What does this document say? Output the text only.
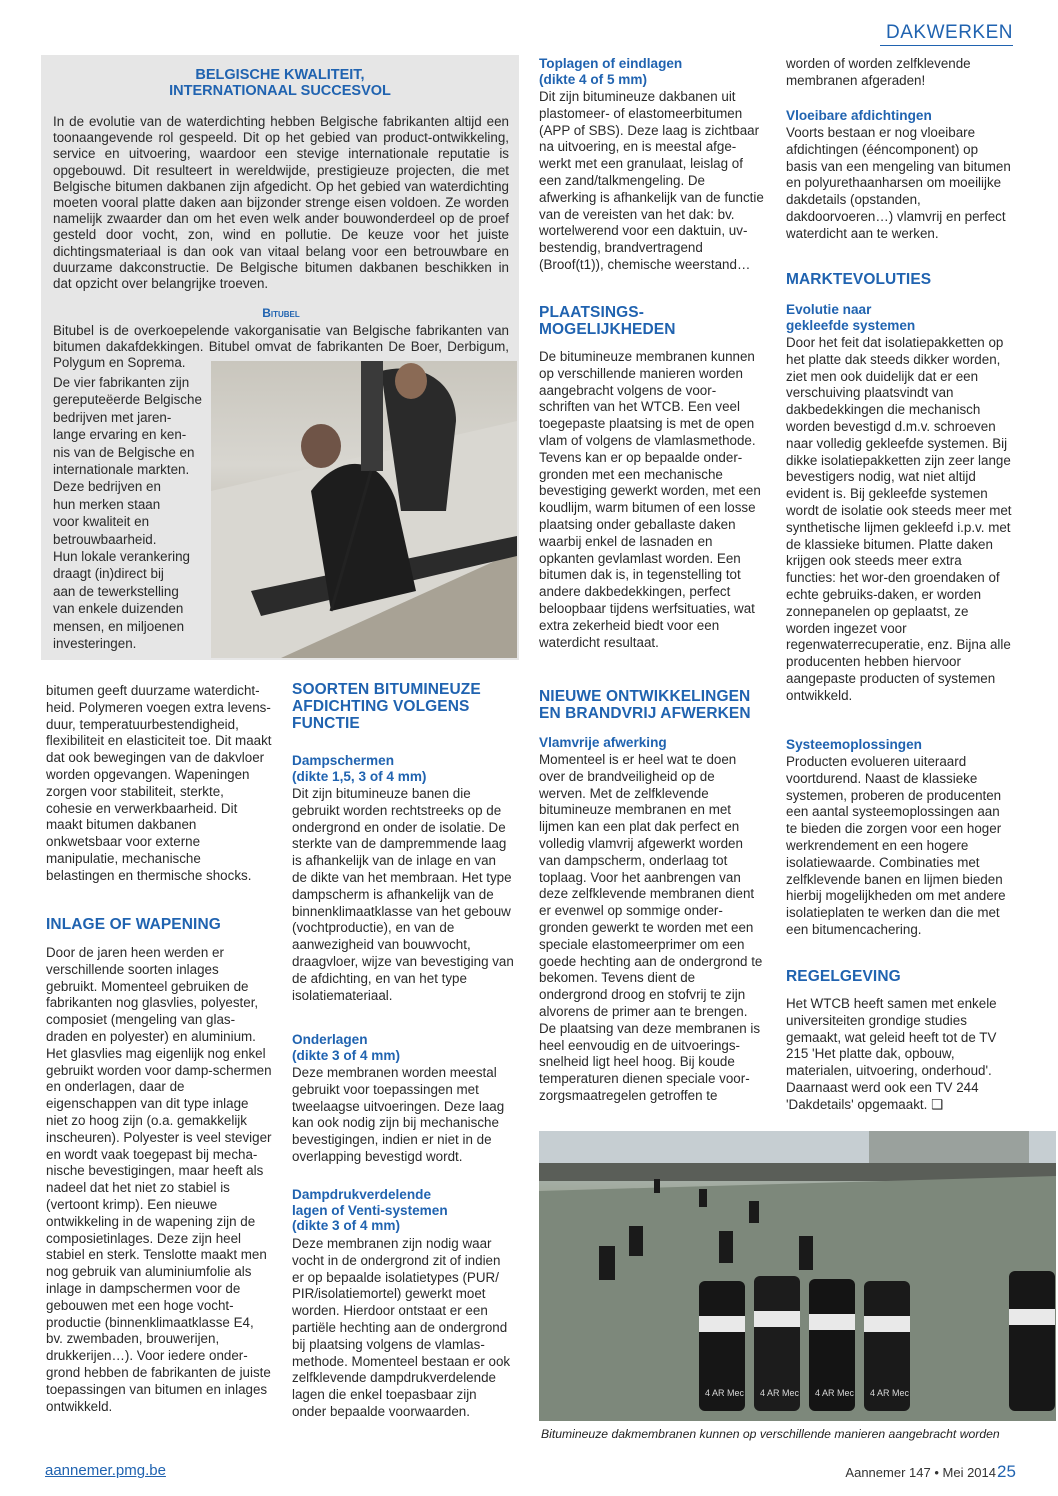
DAKWERKEN
BELGISCHE KWALITEIT,
INTERNATIONAAL SUCCESVOL

In de evolutie van de waterdichting hebben Belgische fabrikanten altijd een toonaangevende rol gespeeld. Dit op het gebied van product-ontwikkeling, service en uitvoering, waardoor een stevige internationale reputatie is opgebouwd. Dit resulteert in wereldwijde, prestigieuze projecten, die met Belgische bitumen dakbanen zijn afgedicht. Op het gebied van waterdichting moeten vooral platte daken aan bijzonder strenge eisen voldoen. Ze worden namelijk zwaarder dan om het even welk ander bouwonderdeel op de proef gesteld door vocht, zon, wind en pollutie. De keuze voor het juiste dichtingsmateriaal is dan ook van vitaal belang voor een betrouwbare en duurzame dakconstructie. De Belgische bitumen dakbanen beschikken in dat opzicht over belangrijke troeven.

Bitubel

Bitubel is de overkoepelende vakorganisatie van Belgische fabrikanten van bitumen dakafdekkingen. Bitubel omvat de fabrikanten De Boer, Derbigum, Polygum en Soprema.

De vier fabrikanten zijn
gereputeëerde Belgische
bedrijven met jaren-
lange ervaring en ken-
nis van de Belgische en
internationale markten.
Deze bedrijven en
hun merken staan
voor kwaliteit en
betrouwbaarheid.
Hun lokale verankering
draagt (in)direct bij
aan de tewerkstelling
van enkele duizenden
mensen, en miljoenen
investeringen.

bitumen geeft duurzame waterdicht-heid. Polymeren voegen extra levens-duur, temperatuurbestendigheid, flexibiliteit en elasticiteit toe. Dit maakt dat ook bewegingen van de dakvloer worden opgevangen. Wapeningen zorgen voor stabiliteit, sterkte, cohesie en verwerkbaarheid. Dit maakt bitumen dakbanen onkwetsbaar voor externe manipulatie, mechanische belastingen en thermische shocks.

INLAGE OF WAPENING

Door de jaren heen werden er verschillende soorten inlages gebruikt. Momenteel gebruiken de fabrikanten nog glasvlies, polyester, composiet (mengeling van glas-draden en polyester) en aluminium. Het glasvlies mag eigenlijk nog enkel gebruikt worden voor damp-schermen en onderlagen, daar de eigenschappen van dit type inlage niet zo hoog zijn (o.a. gemakkelijk inscheuren). Polyester is veel steviger en wordt vaak toegepast bij mecha-nische bevestigingen, maar heeft als nadeel dat het niet zo stabiel is (vertoont krimp). Een nieuwe ontwikkeling in de wapening zijn de composietinlages. Deze zijn heel stabiel en sterk. Tenslotte maakt men nog gebruik van aluminiumfolie als inlage in dampschermen voor de gebouwen met een hoge vocht-productie (binnenklimaatklasse E4, bv. zwembaden, brouwerijen, drukkerijen…). Voor iedere onder-grond hebben de fabrikanten de juiste toepassingen van bitumen en inlages ontwikkeld.

SOORTEN BITUMINEUZE AFDICHTING VOLGENS FUNCTIE
Dampschermen
(dikte 1,5, 3 of 4 mm)

Dit zijn bitumineuze banen die gebruikt worden rechtstreeks op de ondergrond en onder de isolatie. De sterkte van de dampremmende laag is afhankelijk van de inlage en van de dikte van het membraan. Het type dampscherm is afhankelijk van de binnenklimaatklasse van het gebouw (vochtproductie), en van de aanwezigheid van bouwvocht, draagvloer, wijze van bevestiging van de afdichting, en van het type isolatiemateriaal.

Onderlagen
(dikte 3 of 4 mm)

Deze membranen worden meestal gebruikt voor toepassingen met tweelaagse uitvoeringen. Deze laag kan ook nodig zijn bij mechanische bevestigingen, indien er niet in de overlapping bevestigd wordt.

Dampdrukverdelende
lagen of Venti-systemen
(dikte 3 of 4 mm)

Deze membranen zijn nodig waar vocht in de ondergrond zit of indien er op bepaalde isolatietypes (PUR/ PIR/isolatiemortel) gewerkt moet worden. Hierdoor ontstaat er een partiële hechting aan de ondergrond bij plaatsing volgens de vlamlas-methode. Momenteel bestaan er ook zelfklevende dampdrukverdelende lagen die enkel toepasbaar zijn onder bepaalde voorwaarden.

Toplagen of eindlagen
(dikte 4 of 5 mm)

Dit zijn bitumineuze dakbanen uit plastomeer- of elastomeerbitumen (APP of SBS). Deze laag is zichtbaar na uitvoering, en is meestal afge-werkt met een granulaat, leislag of een zand/talkmengeling. De afwerking is afhankelijk van de functie van de vereisten van het dak: bv. wortelwerend voor een daktuin, uv-bestendig, brandvertragend (Broof(t1)), chemische weerstand…

PLAATSINGS-
MOGELIJKHEDEN

De bitumineuze membranen kunnen op verschillende manieren worden aangebracht volgens de voor-schriften van het WTCB. Een veel toegepaste plaatsing is met de open vlam of volgens de vlamlasmethode. Tevens kan er op bepaalde onder-gronden met een mechanische bevestiging gewerkt worden, met een koudlijm, warm bitumen of een losse plaatsing onder geballaste daken waarbij enkel de lasnaden en opkanten gevlamlast worden. Een bitumen dak is, in tegenstelling tot andere dakbedekkingen, perfect beloopbaar tijdens werfsituaties, wat extra zekerheid biedt voor een waterdicht resultaat.

NIEUWE ONTWIKKELINGEN
EN BRANDVRIJ AFWERKEN
Vlamvrije afwerking

Momenteel is er heel wat te doen over de brandveiligheid op de werven. Met de zelfklevende bitumineuze membranen en met lijmen kan een plat dak perfect en volledig vlamvrij afgewerkt worden van dampscherm, onderlaag tot toplaag. Voor het aanbrengen van deze zelfklevende membranen dient er evenwel op sommige onder-gronden gewerkt te worden met een speciale elastomeerprimer om een goede hechting aan de ondergrond te bekomen. Tevens dient de ondergrond droog en stofvrij te zijn alvorens de primer aan te brengen. De plaatsing van deze membranen is heel eenvoudig en de uitvoerings-snelheid ligt heel hoog. Bij koude temperaturen dienen speciale voor-zorgsmaatregelen getroffen te

worden of worden zelfklevende membranen afgeraden!

Vloeibare afdichtingen

Voorts bestaan er nog vloeibare afdichtingen (ééncomponent) op basis van een mengeling van bitumen en polyurethaanharsen om moeilijke dakdetails (opstanden, dakdoorvoeren…) vlamvrij en perfect waterdicht aan te werken.

MARKTEVOLUTIES
Evolutie naar
gekleefde systemen

Door het feit dat isolatiepakketten op het platte dak steeds dikker worden, ziet men ook duidelijk dat er een verschuiving plaatsvindt van dakbedekkingen die mechanisch worden bevestigd d.m.v. schroeven naar volledig gekleefde systemen. Bij dikke isolatiepakketten zijn zeer lange bevestigers nodig, wat niet altijd evident is. Bij gekleefde systemen wordt de isolatie ook steeds meer met synthetische lijmen gekleefd i.p.v. met de klassieke bitumen. Platte daken krijgen ook steeds meer extra functies: het wor-den groendaken of echte gebruiks-daken, er worden zonnepanelen op geplaatst, ze worden ingezet voor regenwaterrecuperatie, enz. Bijna alle producenten hebben hiervoor aangepaste producten of systemen ontwikkeld.

Systeemoplossingen

Producten evolueren uiteraard voortdurend. Naast de klassieke systemen, proberen de producenten een aantal systeemoplossingen aan te bieden die zorgen voor een hoger werkrendement en een hogere isolatiewaarde. Combinaties met zelfklevende banen en lijmen bieden hierbij mogelijkheden om met andere isolatieplaten te werken dan die met een bitumencachering.

REGELGEVING

Het WTCB heeft samen met enkele universiteiten grondige studies gemaakt, wat geleid heeft tot de TV 215 'Het platte dak, opbouw, materialen, uitvoering, onderhoud'. Daarnaast werd ook een TV 244 'Dakdetails' opgemaakt. ❑

4 AR Mec 4 AR Mec 4 AR Mec 4 AR Mec
Bitumineuze dakmembranen kunnen op verschillende manieren aangebracht worden
aannemer.pmg.be	Aannemer 147 • Mei 2014 25
